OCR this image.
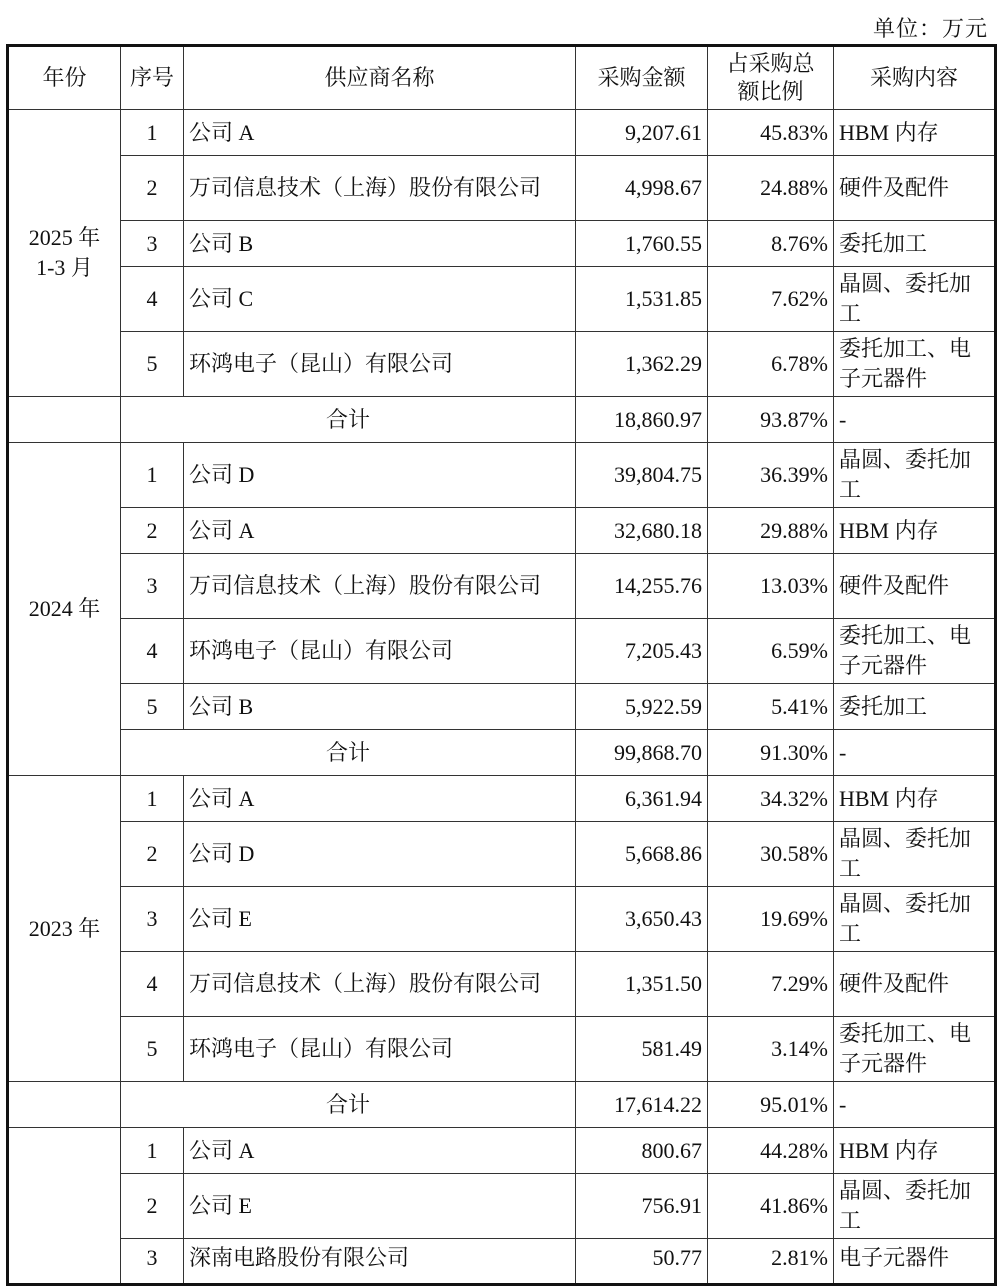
单位：万元
年份	序号	供应商名称	采购金额	占采购总额比例	采购内容
2025 年 1-3 月	1	公司 A	9,207.61	45.83%	HBM 内存
	2	万司信息技术（上海）股份有限公司	4,998.67	24.88%	硬件及配件
	3	公司 B	1,760.55	8.76%	委托加工
	4	公司 C	1,531.85	7.62%	晶圆、委托加工
	5	环鸿电子（昆山）有限公司	1,362.29	6.78%	委托加工、电子元器件
	合计		18,860.97	93.87%	-
2024 年	1	公司 D	39,804.75	36.39%	晶圆、委托加工
	2	公司 A	32,680.18	29.88%	HBM 内存
	3	万司信息技术（上海）股份有限公司	14,255.76	13.03%	硬件及配件
	4	环鸿电子（昆山）有限公司	7,205.43	6.59%	委托加工、电子元器件
	5	公司 B	5,922.59	5.41%	委托加工
	合计		99,868.70	91.30%	-
2023 年	1	公司 A	6,361.94	34.32%	HBM 内存
	2	公司 D	5,668.86	30.58%	晶圆、委托加工
	3	公司 E	3,650.43	19.69%	晶圆、委托加工
	4	万司信息技术（上海）股份有限公司	1,351.50	7.29%	硬件及配件
	5	环鸿电子（昆山）有限公司	581.49	3.14%	委托加工、电子元器件
	合计		17,614.22	95.01%	-
	1	公司 A	800.67	44.28%	HBM 内存
	2	公司 E	756.91	41.86%	晶圆、委托加工
	3	深南电路股份有限公司	50.77	2.81%	电子元器件
